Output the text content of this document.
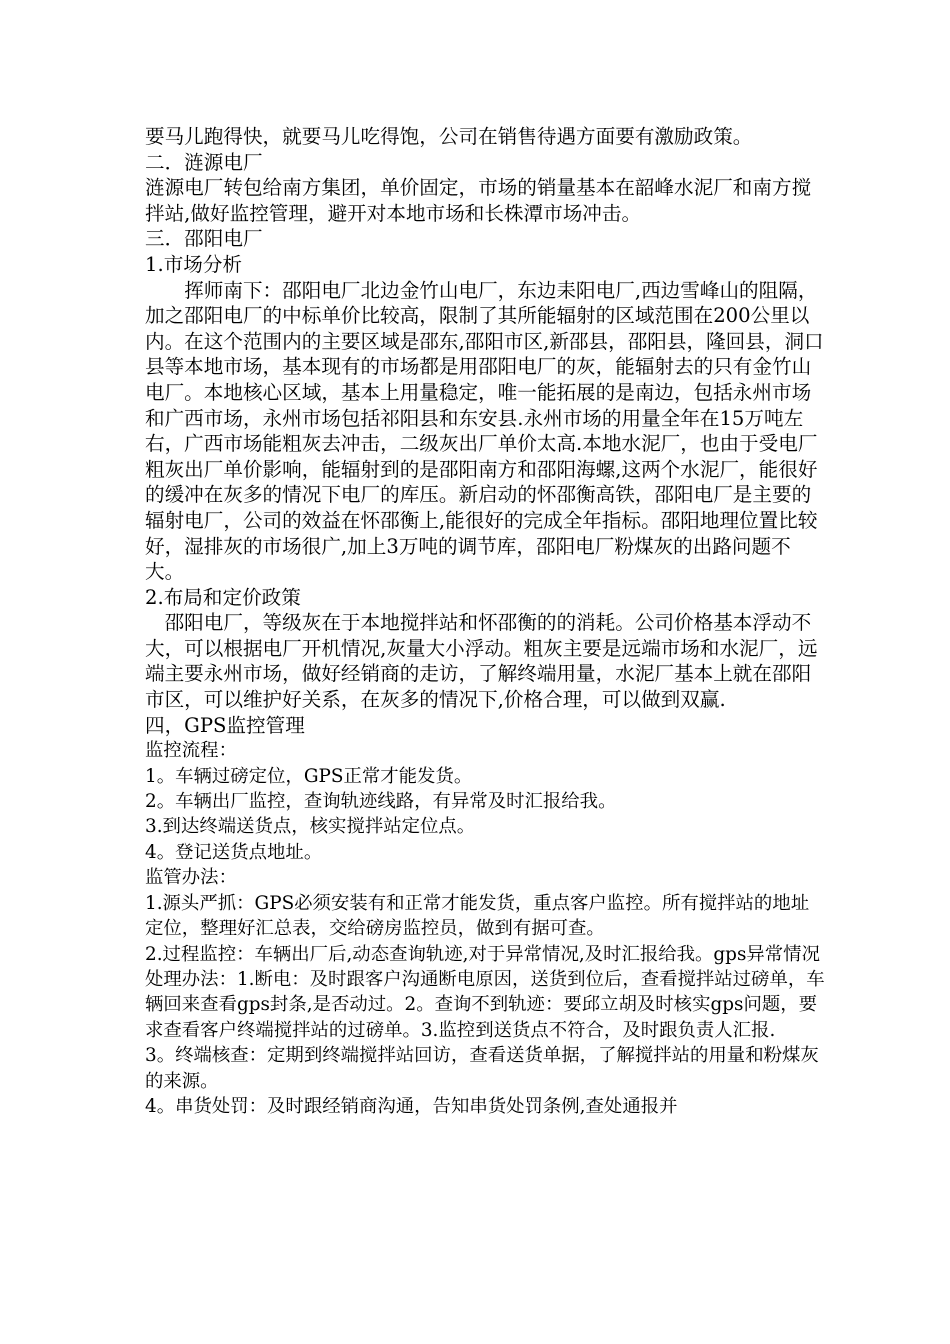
要马儿跑得快，就要马儿吃得饱，公司在销售待遇方面要有激励政策。

二．涟源电厂

涟源电厂转包给南方集团，单价固定，市场的销量基本在韶峰水泥厂和南方搅拌站,做好监控管理，避开对本地市场和长株潭市场冲击。

三．邵阳电厂

1.市场分析

挥师南下：邵阳电厂北边金竹山电厂，东边耒阳电厂,西边雪峰山的阻隔，加之邵阳电厂的中标单价比较高，限制了其所能辐射的区域范围在200公里以内。在这个范围内的主要区域是邵东,邵阳市区,新邵县，邵阳县，隆回县，洞口县等本地市场，基本现有的市场都是用邵阳电厂的灰，能辐射去的只有金竹山电厂。本地核心区域，基本上用量稳定，唯一能拓展的是南边，包括永州市场和广西市场，永州市场包括祁阳县和东安县.永州市场的用量全年在15万吨左右，广西市场能粗灰去冲击，二级灰出厂单价太高.本地水泥厂，也由于受电厂粗灰出厂单价影响，能辐射到的是邵阳南方和邵阳海螺,这两个水泥厂，能很好的缓冲在灰多的情况下电厂的库压。新启动的怀邵衡高铁，邵阳电厂是主要的辐射电厂，公司的效益在怀邵衡上,能很好的完成全年指标。邵阳地理位置比较好，湿排灰的市场很广,加上3万吨的调节库，邵阳电厂粉煤灰的出路问题不大。

2.布局和定价政策

邵阳电厂，等级灰在于本地搅拌站和怀邵衡的的消耗。公司价格基本浮动不大，可以根据电厂开机情况,灰量大小浮动。粗灰主要是远端市场和水泥厂，远端主要永州市场，做好经销商的走访，了解终端用量，水泥厂基本上就在邵阳市区，可以维护好关系，在灰多的情况下,价格合理，可以做到双赢.

四，GPS监控管理

监控流程：

1。车辆过磅定位，GPS正常才能发货。

2。车辆出厂监控，查询轨迹线路，有异常及时汇报给我。

3.到达终端送货点，核实搅拌站定位点。

4。登记送货点地址。

监管办法：

1.源头严抓：GPS必须安装有和正常才能发货，重点客户监控。所有搅拌站的地址定位，整理好汇总表，交给磅房监控员，做到有据可查。

2.过程监控：车辆出厂后,动态查询轨迹,对于异常情况,及时汇报给我。gps异常情况处理办法：1.断电：及时跟客户沟通断电原因，送货到位后，查看搅拌站过磅单，车辆回来查看gps封条,是否动过。2。查询不到轨迹：要邱立胡及时核实gps问题，要求查看客户终端搅拌站的过磅单。3.监控到送货点不符合，及时跟负责人汇报.

3。终端核查：定期到终端搅拌站回访，查看送货单据，了解搅拌站的用量和粉煤灰的来源。

4。串货处罚：及时跟经销商沟通，告知串货处罚条例,查处通报并
